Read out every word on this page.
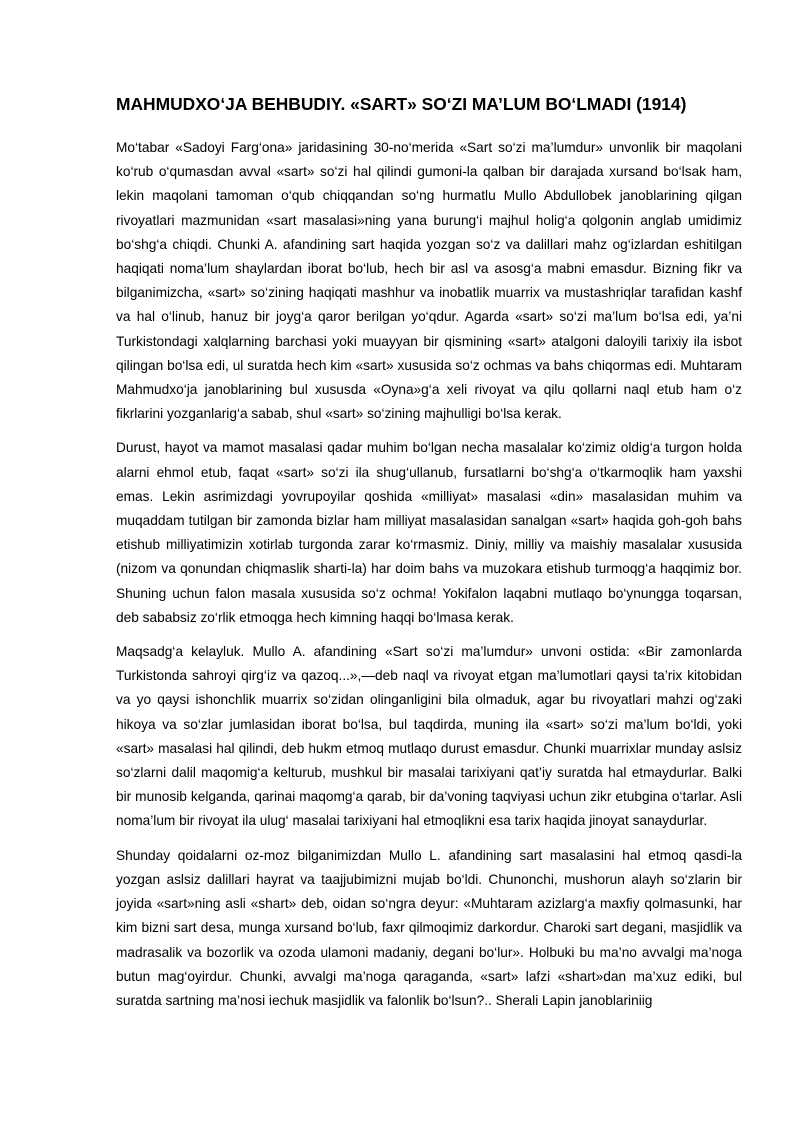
MAHMUDXO‘JA BEHBUDIY. «SART» SO‘ZI MA’LUM BO‘LMADI (1914)

Mo‘tabar «Sadoyi Farg‘ona» jaridasining 30-no‘merida «Sart so‘zi ma’lumdur» unvonlik bir maqolani ko‘rub o‘qumasdan avval «sart» so‘zi hal qilindi gumoni-la qalban bir darajada xursand bo‘lsak ham, lekin maqolani tamoman o‘qub chiqqandan so‘ng hurmatlu Mullo Abdullobek janoblarining qilgan rivoyatlari mazmunidan «sart masalasi»ning yana burung‘i majhul holig‘a qolgonin anglab umidimiz bo‘shg‘a chiqdi. Chunki A. afandining sart haqida yozgan so‘z va dalillari mahz og‘izlardan eshitilgan haqiqati noma’lum shaylardan iborat bo‘lub, hech bir asl va asosg‘a mabni emasdur. Bizning fikr va bilganimizcha, «sart» so‘zining haqiqati mashhur va inobatlik muarrix va mustashriqlar tarafidan kashf va hal o‘linub, hanuz bir joyg‘a qaror berilgan yo‘qdur. Agarda «sart» so‘zi ma’lum bo‘lsa edi, ya’ni Turkistondagi xalqlarning barchasi yoki muayyan bir qismining «sart» atalgoni daloyili tarixiy ila isbot qilingan bo‘lsa edi, ul suratda hech kim «sart» xususida so‘z ochmas va bahs chiqormas edi. Muhtaram Mahmudxo‘ja janoblarining bul xususda «Oyna»g‘a xeli rivoyat va qilu qollarni naql etub ham o‘z fikrlarini yozganlarig‘a sabab, shul «sart» so‘zining majhulligi bo‘lsa kerak.

Durust, hayot va mamot masalasi qadar muhim bo‘lgan necha masalalar ko‘zimiz oldig‘a turgon holda alarni ehmol etub, faqat «sart» so‘zi ila shug‘ullanub, fursatlarni bo‘shg‘a o‘tkarmoqlik ham yaxshi emas. Lekin asrimizdagi yovrupoyilar qoshida «milliyat» masalasi «din» masalasidan muhim va muqaddam tutilgan bir zamonda bizlar ham milliyat masalasidan sanalgan «sart» haqida goh-goh bahs etishub milliyatimizin xotirlab turgonda zarar ko‘rmasmiz. Diniy, milliy va maishiy masalalar xususida (nizom va qonundan chiqmaslik sharti-la) har doim bahs va muzokara etishub turmoqg‘a haqqimiz bor. Shuning uchun falon masala xususida so‘z ochma! Yokifalon laqabni mutlaqo bo‘ynungga toqarsan, deb sababsiz zo‘rlik etmoqga hech kimning haqqi bo‘lmasa kerak.

Maqsadg‘a kelayluk. Mullo A. afandining «Sart so‘zi ma’lumdur» unvoni ostida: «Bir zamonlarda Turkistonda sahroyi qirg‘iz va qazoq...»,—deb naql va rivoyat etgan ma’lumotlari qaysi ta’rix kitobidan va yo qaysi ishonchlik muarrix so‘zidan olinganligini bila olmaduk, agar bu rivoyatlari mahzi og‘zaki hikoya va so‘zlar jumlasidan iborat bo‘lsa, bul taqdirda, muning ila «sart» so‘zi ma’lum bo‘ldi, yoki «sart» masalasi hal qilindi, deb hukm etmoq mutlaqo durust emasdur. Chunki muarrixlar munday aslsiz so‘zlarni dalil maqomig‘a kelturub, mushkul bir masalai tarixiyani qat’iy suratda hal etmaydurlar. Balki bir munosib kelganda, qarinai maqomg‘a qarab, bir da’voning taqviyasi uchun zikr etubgina o‘tarlar. Asli noma’lum bir rivoyat ila ulug‘ masalai tarixiyani hal etmoqlikni esa tarix haqida jinoyat sanaydurlar.

Shunday qoidalarni oz-moz bilganimizdan Mullo L. afandining sart masalasini hal etmoq qasdi-la yozgan aslsiz dalillari hayrat va taajjubimizni mujab bo‘ldi. Chunonchi, mushorun alayh so‘zlarin bir joyida «sart»ning asli «shart» deb, oidan so‘ngra deyur: «Muhtaram azizlarg‘a maxfiy qolmasunki, har kim bizni sart desa, munga xursand bo‘lub, faxr qilmoqimiz darkordur. Charoki sart degani, masjidlik va madrasalik va bozorlik va ozoda ulamoni madaniy, degani bo‘lur». Holbuki bu ma’no avvalgi ma’noga butun mag‘oyirdur. Chunki, avvalgi ma’noga qaraganda, «sart» lafzi «shart»dan ma’xuz ediki, bul suratda sartning ma’nosi iechuk masjidlik va falonlik bo‘lsun?.. Sherali Lapin janoblariniig
